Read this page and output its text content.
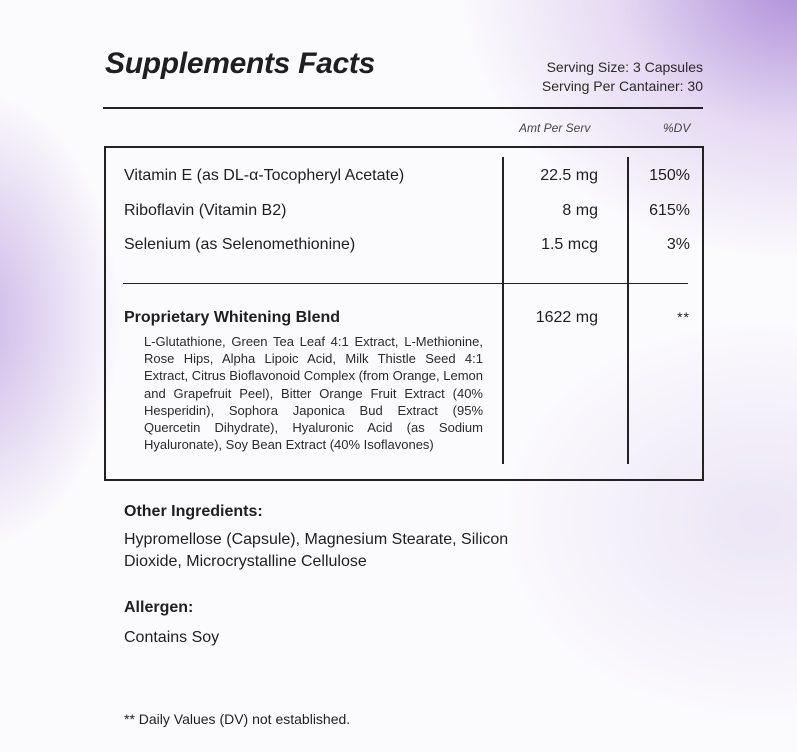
Supplements Facts	Serving Size: 3 Capsules
Serving Per Cantainer: 30
Amt Per Serv	%DV
Vitamin E (as DL-α-Tocopheryl Acetate)	22.5 mg	150%
Riboflavin (Vitamin B2)	8 mg	615%
Selenium (as Selenomethionine)	1.5 mcg	3%
Proprietary Whitening Blend	1622 mg	**
L-Glutathione, Green Tea Leaf 4:1 Extract, L-Methionine, Rose Hips, Alpha Lipoic Acid, Milk Thistle Seed 4:1 Extract, Citrus Bioflavonoid Complex (from Orange, Lemon and Grapefruit Peel), Bitter Orange Fruit Extract (40% Hesperidin), Sophora Japonica Bud Extract (95% Quercetin Dihydrate), Hyaluronic Acid (as Sodium Hyaluronate), Soy Bean Extract (40% Isoflavones)
Other Ingredients:
Hypromellose (Capsule), Magnesium Stearate, Silicon Dioxide, Microcrystalline Cellulose
Allergen:
Contains Soy
** Daily Values (DV) not established.
